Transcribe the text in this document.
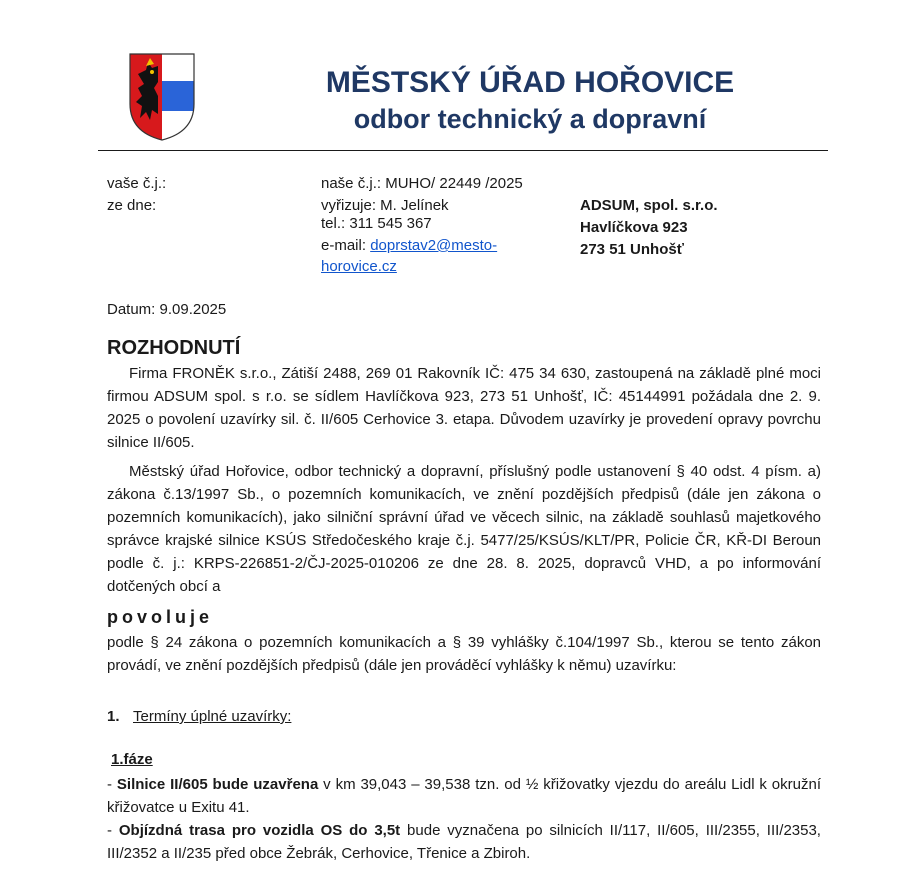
MĚSTSKÝ ÚŘAD HOŘOVICE
odbor technický a dopravní
vaše č.j.:
ze dne:
naše č.j.: MUHO/ 22449 /2025
vyřizuje: M. Jelínek
tel.: 311 545 367
e-mail: doprstav2@mesto-
horovice.cz
ADSUM, spol. s.r.o.
Havlíčkova 923
273 51 Unhošť
Datum: 9.09.2025
ROZHODNUTÍ
Firma FRONĚK s.r.o., Zátiší 2488, 269 01 Rakovník IČ: 475 34 630, zastoupená na základě plné moci firmou ADSUM spol. s r.o. se sídlem Havlíčkova 923, 273 51 Unhošť, IČ: 45144991 požádala dne 2. 9. 2025 o povolení uzavírky sil. č. II/605 Cerhovice 3. etapa. Důvodem uzavírky je provedení opravy povrchu silnice II/605.
Městský úřad Hořovice, odbor technický a dopravní, příslušný podle ustanovení § 40 odst. 4 písm. a) zákona č.13/1997 Sb., o pozemních komunikacích, ve znění pozdějších předpisů (dále jen zákona o pozemních komunikacích), jako silniční správní úřad ve věcech silnic, na základě souhlasů majetkového správce krajské silnice KSÚS Středočeského kraje č.j. 5477/25/KSÚS/KLT/PR, Policie ČR, KŘ-DI Beroun podle č. j.: KRPS-226851-2/ČJ-2025-010206 ze dne 28. 8. 2025, dopravců VHD, a po informování dotčených obcí a
povoluje
podle § 24 zákona o pozemních komunikacích a § 39 vyhlášky č.104/1997 Sb., kterou se tento zákon provádí, ve znění pozdějších předpisů (dále jen prováděcí vyhlášky k němu) uzavírku:
1. Termíny úplné uzavírky:
1.fáze
- Silnice II/605 bude uzavřena v km 39,043 – 39,538 tzn. od ½ křižovatky vjezdu do areálu Lidl k okružní křižovatce u Exitu 41.
- Objízdná trasa pro vozidla OS do 3,5t bude vyznačena po silnicích II/117, II/605, III/2355, III/2353, III/2352 a II/235 před obce Žebrák, Cerhovice, Třenice a Zbiroh.
